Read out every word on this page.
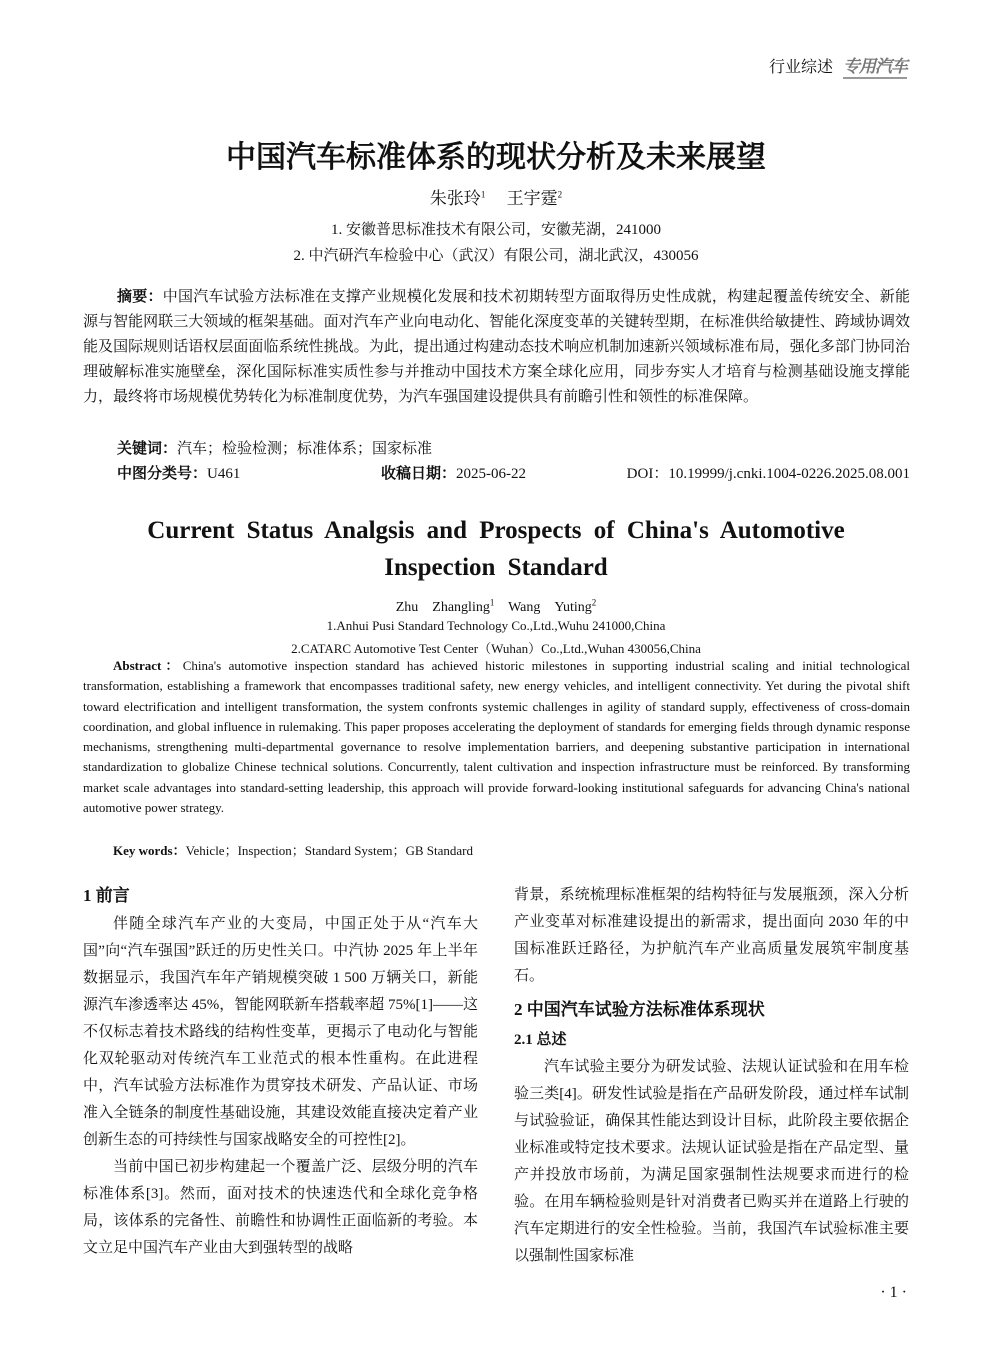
行业综述 专用汽车
中国汽车标准体系的现状分析及未来展望
朱张玲$^1$ 王宇霆$^2$
1. 安徽普思标准技术有限公司，安徽芜湖，241000
2. 中汽研汽车检验中心（武汉）有限公司，湖北武汉，430056
摘要：中国汽车试验方法标准在支撑产业规模化发展和技术初期转型方面取得历史性成就，构建起覆盖传统安全、新能源与智能网联三大领域的框架基础。面对汽车产业向电动化、智能化深度变革的关键转型期，在标准供给敏捷性、跨域协调效能及国际规则话语权层面面临系统性挑战。为此，提出通过构建动态技术响应机制加速新兴领域标准布局，强化多部门协同治理破解标准实施壁垒，深化国际标准实质性参与并推动中国技术方案全球化应用，同步夯实人才培育与检测基础设施支撑能力，最终将市场规模优势转化为标准制度优势，为汽车强国建设提供具有前瞻引性和领性的标准保障。
关键词：汽车；检验检测；标准体系；国家标准
中图分类号：U461	收稿日期：2025-06-22	DOI：10.19999/j.cnki.1004-0226.2025.08.001
Current Status Analgsis and Prospects of China's Automotive Inspection Standard
Zhu　Zhangling$^1$ Wang　Yuting$^2$
1.Anhui Pusi Standard Technology Co.,Ltd.,Wuhu 241000,China
2.CATARC Automotive Test Center（Wuhan）Co.,Ltd.,Wuhan 430056,China
Abstract：China's automotive inspection standard has achieved historic milestones in supporting industrial scaling and initial technological transformation, establishing a framework that encompasses traditional safety, new energy vehicles, and intelligent connectivity. Yet during the pivotal shift toward electrification and intelligent transformation, the system confronts systemic challenges in agility of standard supply, effectiveness of cross-domain coordination, and global influence in rulemaking. This paper proposes accelerating the deployment of standards for emerging fields through dynamic response mechanisms, strengthening multi-departmental governance to resolve implementation barriers, and deepening substantive participation in international standardization to globalize Chinese technical solutions. Concurrently, talent cultivation and inspection infrastructure must be reinforced. By transforming market scale advantages into standard-setting leadership, this approach will provide forward-looking institutional safeguards for advancing China's national automotive power strategy.
Key words：Vehicle；Inspection；Standard System；GB Standard
1 前言

伴随全球汽车产业的大变局，中国正处于从“汽车大国”向“汽车强国”跃迁的历史性关口。中汽协 2025 年上半年数据显示，我国汽车年产销规模突破 1 500 万辆关口，新能源汽车渗透率达 45%，智能网联新车搭载率超 75%[1]——这不仅标志着技术路线的结构性变革，更揭示了电动化与智能化双轮驱动对传统汽车工业范式的根本性重构。在此进程中，汽车试验方法标准作为贯穿技术研发、产品认证、市场准入全链条的制度性基础设施，其建设效能直接决定着产业创新生态的可持续性与国家战略安全的可控性[2]。

当前中国已初步构建起一个覆盖广泛、层级分明的汽车标准体系[3]。然而，面对技术的快速迭代和全球化竞争格局，该体系的完备性、前瞻性和协调性正面临新的考验。本文立足中国汽车产业由大到强转型的战略

背景，系统梳理标准框架的结构特征与发展瓶颈，深入分析产业变革对标准建设提出的新需求，提出面向 2030 年的中国标准跃迁路径，为护航汽车产业高质量发展筑牢制度基石。

2 中国汽车试验方法标准体系现状
2.1 总述

汽车试验主要分为研发试验、法规认证试验和在用车检验三类[4]。研发性试验是指在产品研发阶段，通过样车试制与试验验证，确保其性能达到设计目标，此阶段主要依据企业标准或特定技术要求。法规认证试验是指在产品定型、量产并投放市场前，为满足国家强制性法规要求而进行的检验。在用车辆检验则是针对消费者已购买并在道路上行驶的汽车定期进行的安全性检验。当前，我国汽车试验标准主要以强制性国家标准

· 1 ·
